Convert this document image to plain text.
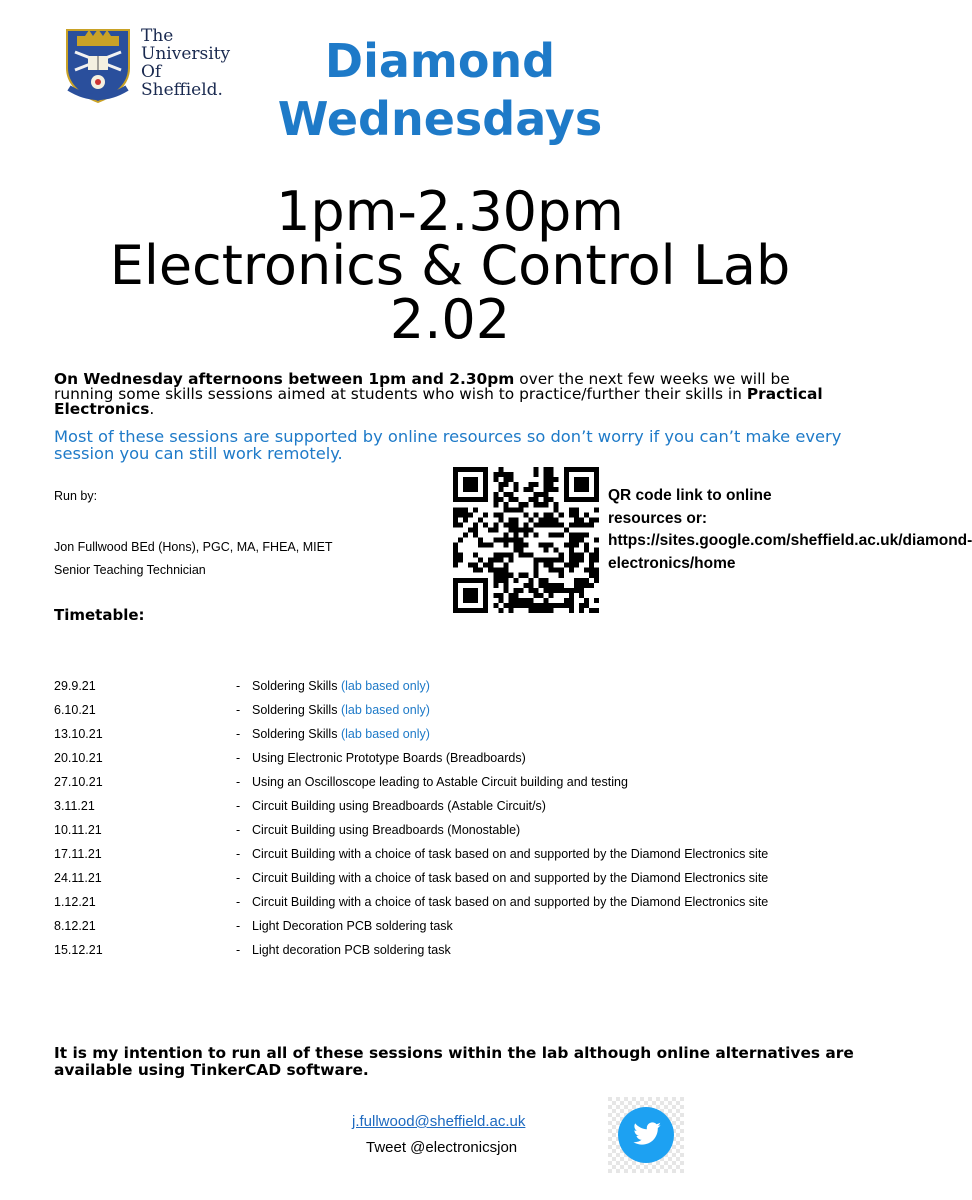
The
University
Of
Sheffield.
Diamond
Wednesdays
1pm-2.30pm
Electronics & Control Lab
2.02
On Wednesday afternoons between 1pm and 2.30pm over the next few weeks we will be running some skills sessions aimed at students who wish to practice/further their skills in Practical Electronics.
Most of these sessions are supported by online resources so don’t worry if you can’t make every session you can still work remotely.
Run by:
Jon Fullwood BEd (Hons), PGC, MA, FHEA, MIET
Senior Teaching Technician
Timetable:
QR code link to online resources or: https://sites.google.com/sheffield.ac.uk/diamond-electronics/home
29.9.21	- Soldering Skills (lab based only)
6.10.21	- Soldering Skills (lab based only)
13.10.21	- Soldering Skills (lab based only)
20.10.21	- Using Electronic Prototype Boards (Breadboards)
27.10.21	- Using an Oscilloscope leading to Astable Circuit building and testing
3.11.21	- Circuit Building using Breadboards (Astable Circuit/s)
10.11.21	- Circuit Building using Breadboards (Monostable)
17.11.21	- Circuit Building with a choice of task based on and supported by the Diamond Electronics site
24.11.21	- Circuit Building with a choice of task based on and supported by the Diamond Electronics site
1.12.21	- Circuit Building with a choice of task based on and supported by the Diamond Electronics site
8.12.21	- Light Decoration PCB soldering task
15.12.21	- Light decoration PCB soldering task
It is my intention to run all of these sessions within the lab although online alternatives are available using TinkerCAD software.
j.fullwood@sheffield.ac.uk
Tweet @electronicsjon
